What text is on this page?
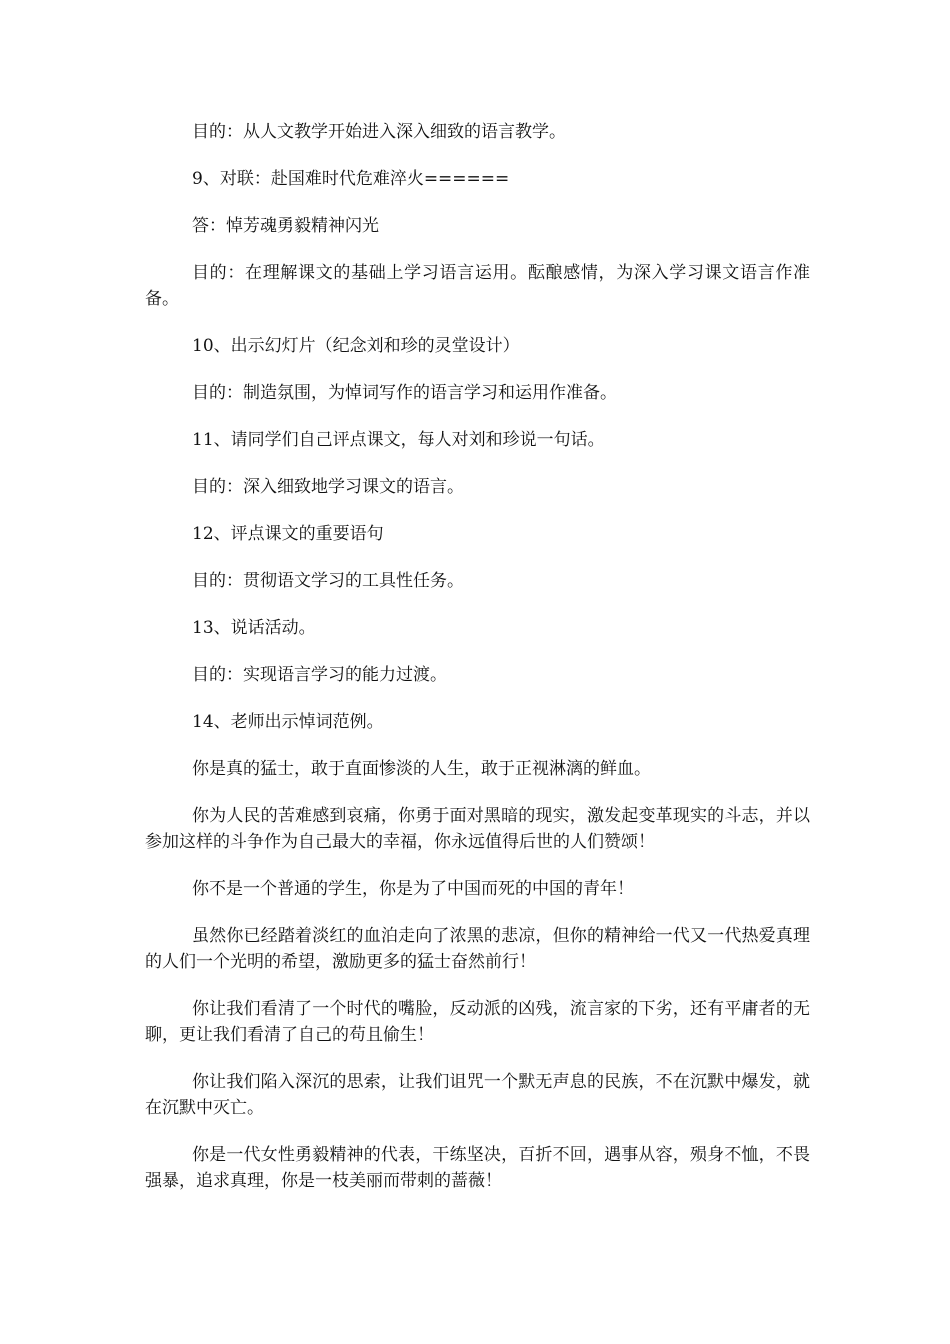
目的：从人文教学开始进入深入细致的语言教学。

9、对联：赴国难时代危难淬火======

答：悼芳魂勇毅精神闪光

目的：在理解课文的基础上学习语言运用。酝酿感情，为深入学习课文语言作准备。

10、出示幻灯片（纪念刘和珍的灵堂设计）

目的：制造氛围，为悼词写作的语言学习和运用作准备。

11、请同学们自己评点课文，每人对刘和珍说一句话。

目的：深入细致地学习课文的语言。

12、评点课文的重要语句

目的：贯彻语文学习的工具性任务。

13、说话活动。

目的：实现语言学习的能力过渡。

14、老师出示悼词范例。

你是真的猛士，敢于直面惨淡的人生，敢于正视淋漓的鲜血。

你为人民的苦难感到哀痛，你勇于面对黑暗的现实，激发起变革现实的斗志，并以参加这样的斗争作为自己最大的幸福，你永远值得后世的人们赞颂！

你不是一个普通的学生，你是为了中国而死的中国的青年！

虽然你已经踏着淡红的血泊走向了浓黑的悲凉，但你的精神给一代又一代热爱真理的人们一个光明的希望，激励更多的猛士奋然前行！

你让我们看清了一个时代的嘴脸，反动派的凶残，流言家的下劣，还有平庸者的无聊，更让我们看清了自己的苟且偷生！

你让我们陷入深沉的思索，让我们诅咒一个默无声息的民族，不在沉默中爆发，就在沉默中灭亡。

你是一代女性勇毅精神的代表，干练坚决，百折不回，遇事从容，殒身不恤，不畏强暴，追求真理，你是一枝美丽而带刺的蔷薇！
